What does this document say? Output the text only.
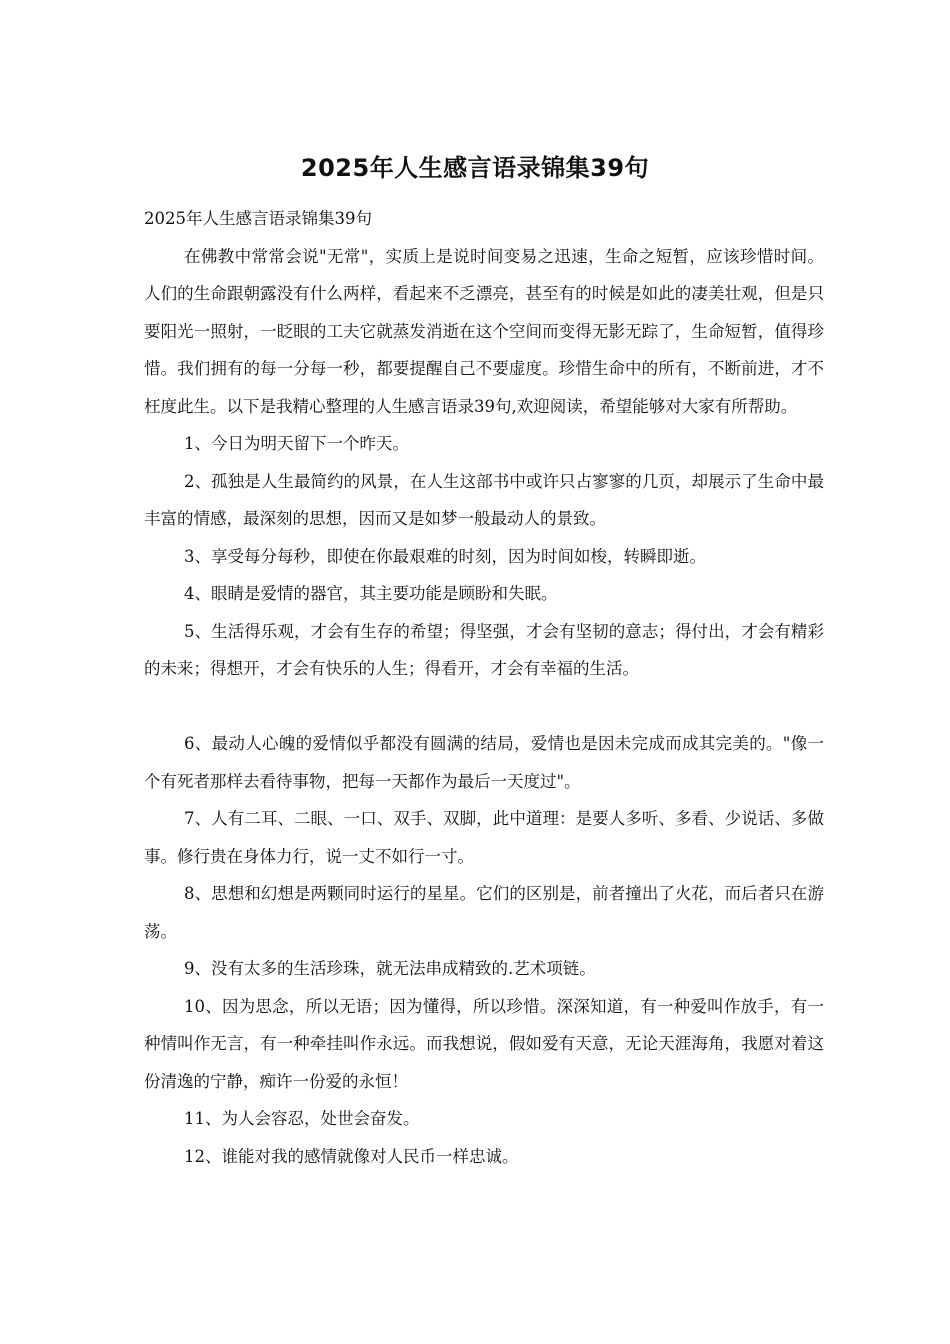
2025年人生感言语录锦集39句

2025年人生感言语录锦集39句

在佛教中常常会说"无常"，实质上是说时间变易之迅速，生命之短暂，应该珍惜时间。人们的生命跟朝露没有什么两样，看起来不乏漂亮，甚至有的时候是如此的凄美壮观，但是只要阳光一照射，一眨眼的工夫它就蒸发消逝在这个空间而变得无影无踪了，生命短暂，值得珍惜。我们拥有的每一分每一秒，都要提醒自己不要虚度。珍惜生命中的所有，不断前进，才不枉度此生。以下是我精心整理的人生感言语录39句,欢迎阅读，希望能够对大家有所帮助。

1、今日为明天留下一个昨天。

2、孤独是人生最简约的风景，在人生这部书中或许只占寥寥的几页，却展示了生命中最丰富的情感，最深刻的思想，因而又是如梦一般最动人的景致。

3、享受每分每秒，即使在你最艰难的时刻，因为时间如梭，转瞬即逝。

4、眼睛是爱情的器官，其主要功能是顾盼和失眠。

5、生活得乐观，才会有生存的希望；得坚强，才会有坚韧的意志；得付出，才会有精彩的未来；得想开，才会有快乐的人生；得看开，才会有幸福的生活。

6、最动人心魄的爱情似乎都没有圆满的结局，爱情也是因未完成而成其完美的。"像一个有死者那样去看待事物，把每一天都作为最后一天度过"。

7、人有二耳、二眼、一口、双手、双脚，此中道理：是要人多听、多看、少说话、多做事。修行贵在身体力行，说一丈不如行一寸。

8、思想和幻想是两颗同时运行的星星。它们的区别是，前者撞出了火花，而后者只在游荡。

9、没有太多的生活珍珠，就无法串成精致的.艺术项链。

10、因为思念，所以无语；因为懂得，所以珍惜。深深知道，有一种爱叫作放手，有一种情叫作无言，有一种牵挂叫作永远。而我想说，假如爱有天意，无论天涯海角，我愿对着这份清逸的宁静，痴许一份爱的永恒！

11、为人会容忍，处世会奋发。

12、谁能对我的感情就像对人民币一样忠诚。
